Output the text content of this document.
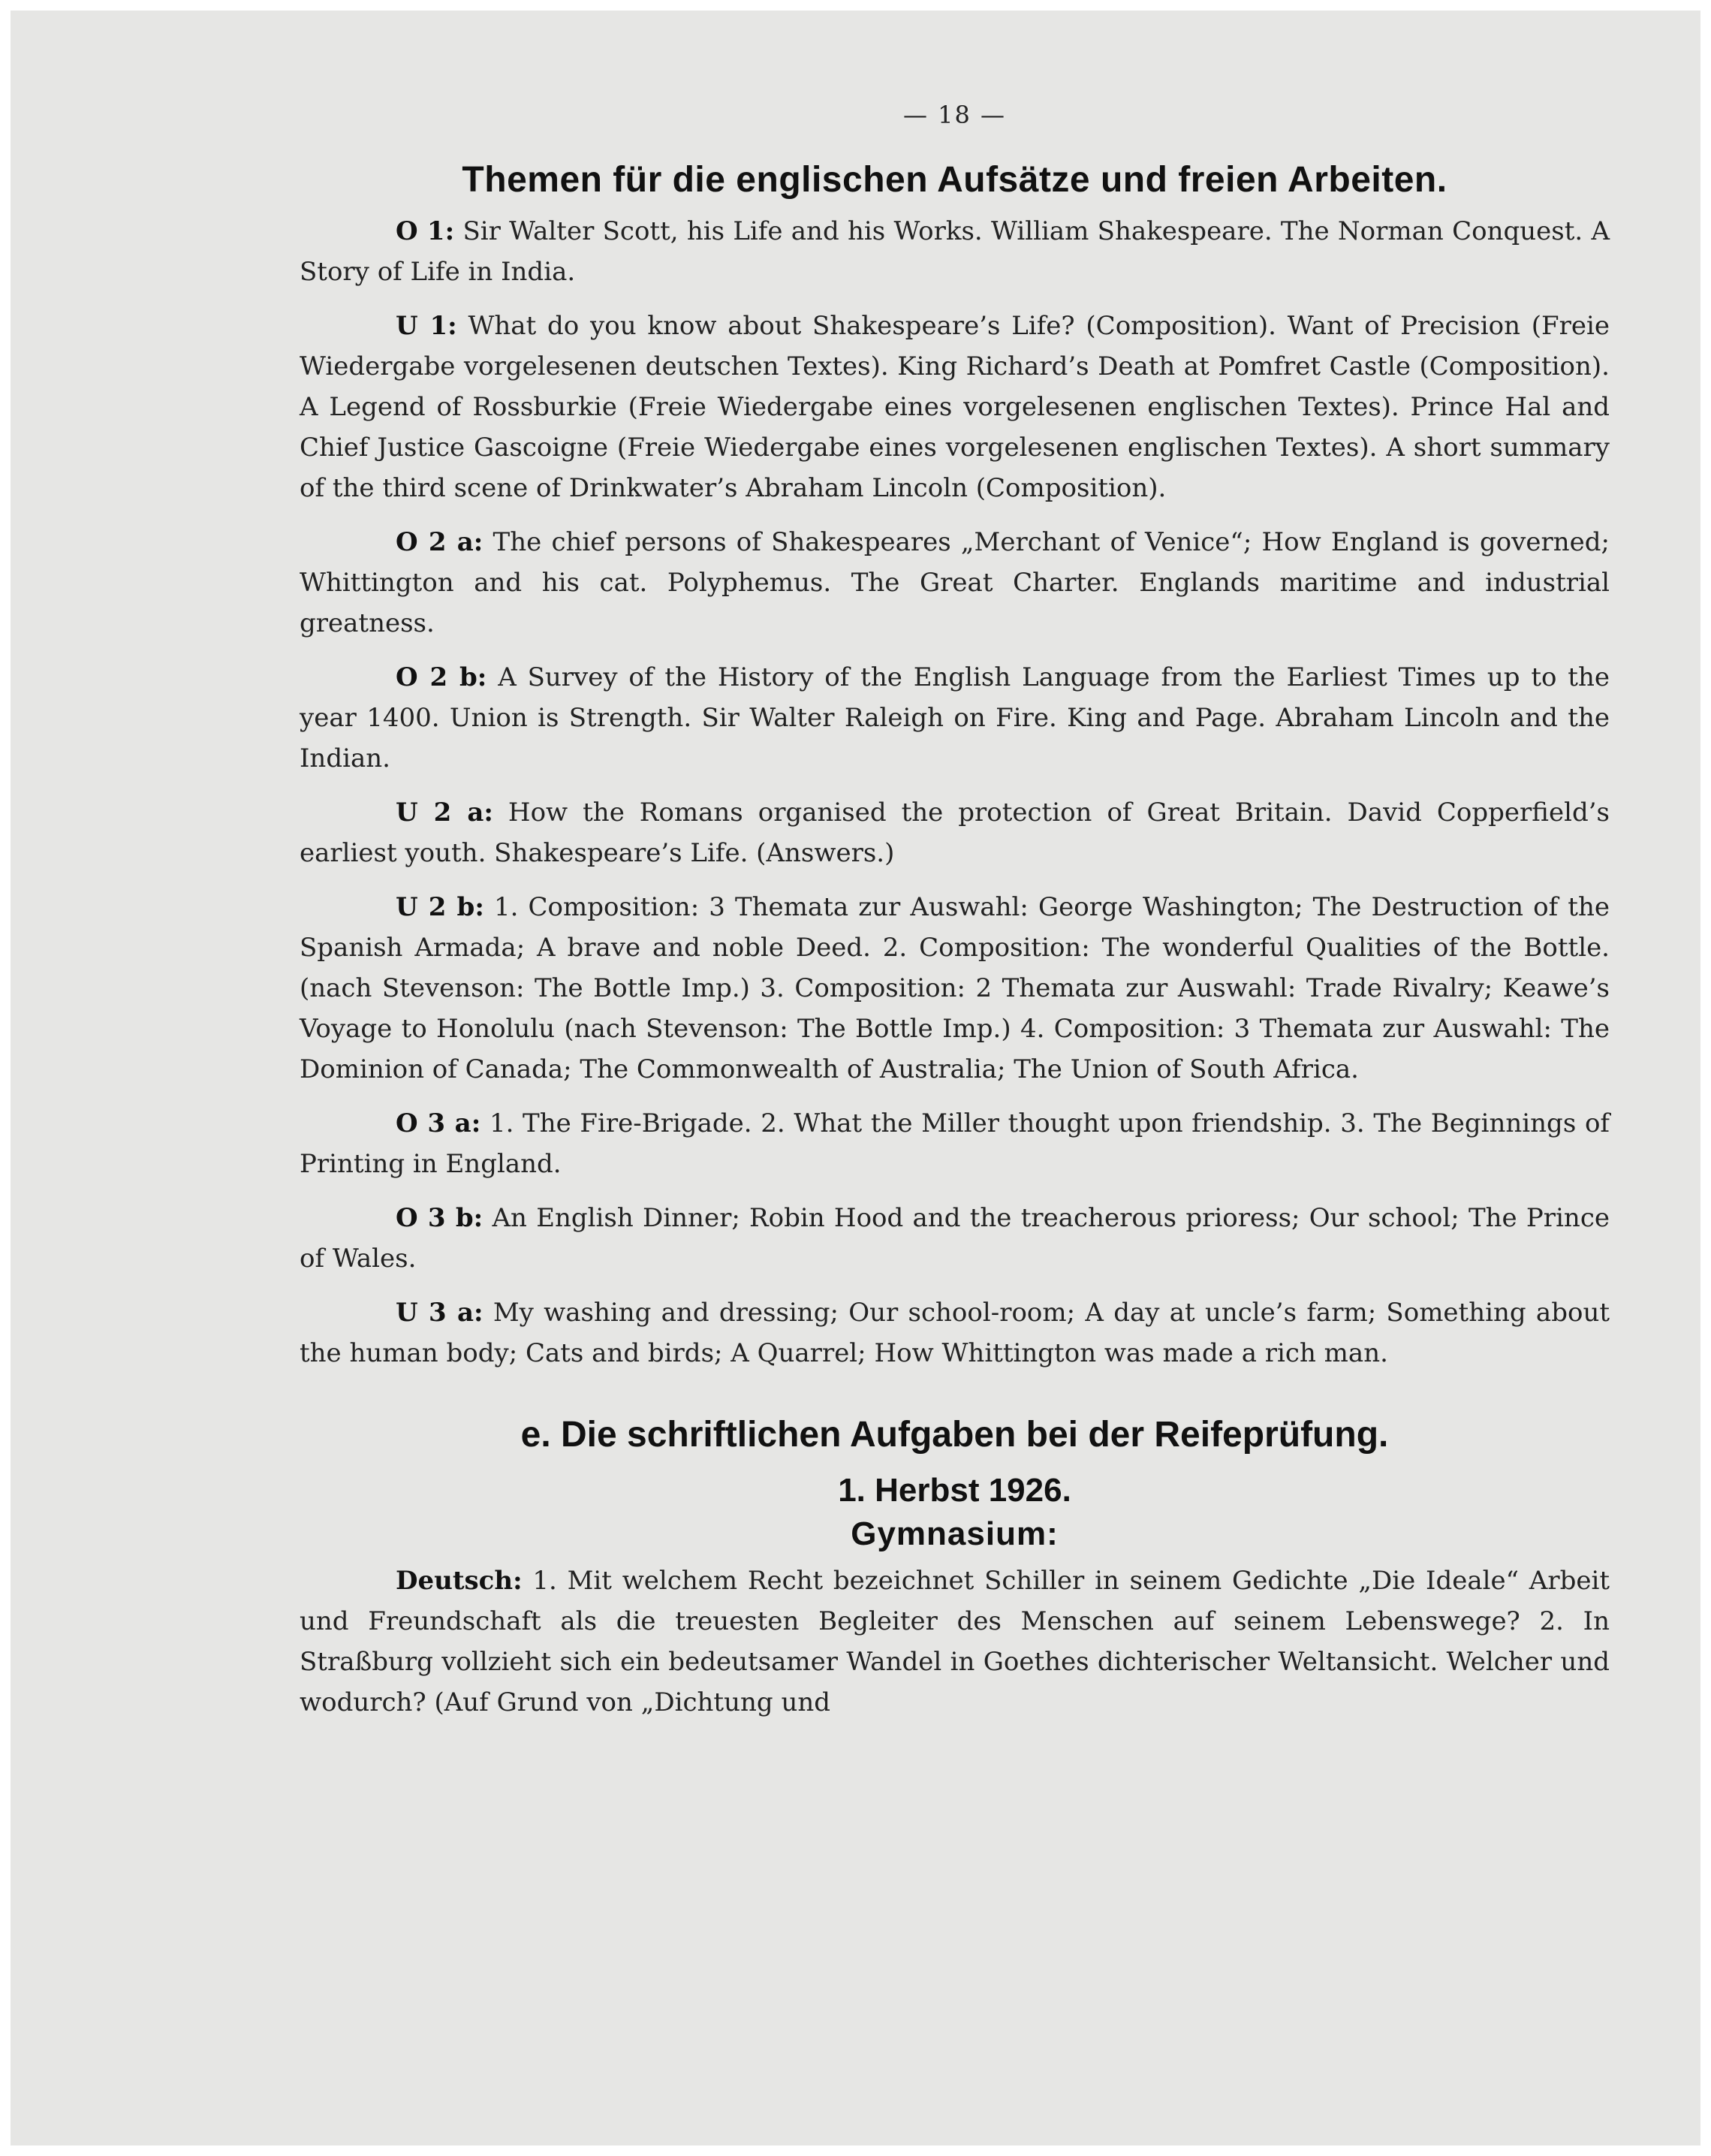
— 18 —
Themen für die englischen Aufsätze und freien Arbeiten.

O 1: Sir Walter Scott, his Life and his Works. William Shakespeare. The Norman Conquest. A Story of Life in India.

U 1: What do you know about Shakespeare’s Life? (Composition). Want of Precision (Freie Wiedergabe vorgelesenen deutschen Textes). King Richard’s Death at Pomfret Castle (Composition). A Legend of Rossburkie (Freie Wiedergabe eines vorgelesenen englischen Textes). Prince Hal and Chief Justice Gascoigne (Freie Wiedergabe eines vorgelesenen englischen Textes). A short summary of the third scene of Drinkwater’s Abraham Lincoln (Composition).

O 2 a: The chief persons of Shakespeares „Merchant of Venice“; How England is governed; Whittington and his cat. Polyphemus. The Great Charter. Englands maritime and industrial greatness.

O 2 b: A Survey of the History of the English Language from the Earliest Times up to the year 1400. Union is Strength. Sir Walter Raleigh on Fire. King and Page. Abraham Lincoln and the Indian.

U 2 a: How the Romans organised the protection of Great Britain. David Copperfield’s earliest youth. Shakespeare’s Life. (Answers.)

U 2 b: 1. Composition: 3 Themata zur Auswahl: George Washington; The Destruction of the Spanish Armada; A brave and noble Deed. 2. Composition: The wonderful Qualities of the Bottle. (nach Stevenson: The Bottle Imp.) 3. Composition: 2 Themata zur Auswahl: Trade Rivalry; Keawe’s Voyage to Honolulu (nach Stevenson: The Bottle Imp.) 4. Composition: 3 Themata zur Auswahl: The Dominion of Canada; The Commonwealth of Australia; The Union of South Africa.

O 3 a: 1. The Fire-Brigade. 2. What the Miller thought upon friendship. 3. The Beginnings of Printing in England.

O 3 b: An English Dinner; Robin Hood and the treacherous prioress; Our school; The Prince of Wales.

U 3 a: My washing and dressing; Our school-room; A day at uncle’s farm; Something about the human body; Cats and birds; A Quarrel; How Whittington was made a rich man.

e. Die schriftlichen Aufgaben bei der Reifeprüfung.
1. Herbst 1926.
Gymnasium:

Deutsch: 1. Mit welchem Recht bezeichnet Schiller in seinem Gedichte „Die Ideale“ Arbeit und Freundschaft als die treuesten Begleiter des Menschen auf seinem Lebenswege? 2. In Straßburg vollzieht sich ein bedeutsamer Wandel in Goethes dichterischer Weltansicht. Welcher und wodurch? (Auf Grund von „Dichtung und
